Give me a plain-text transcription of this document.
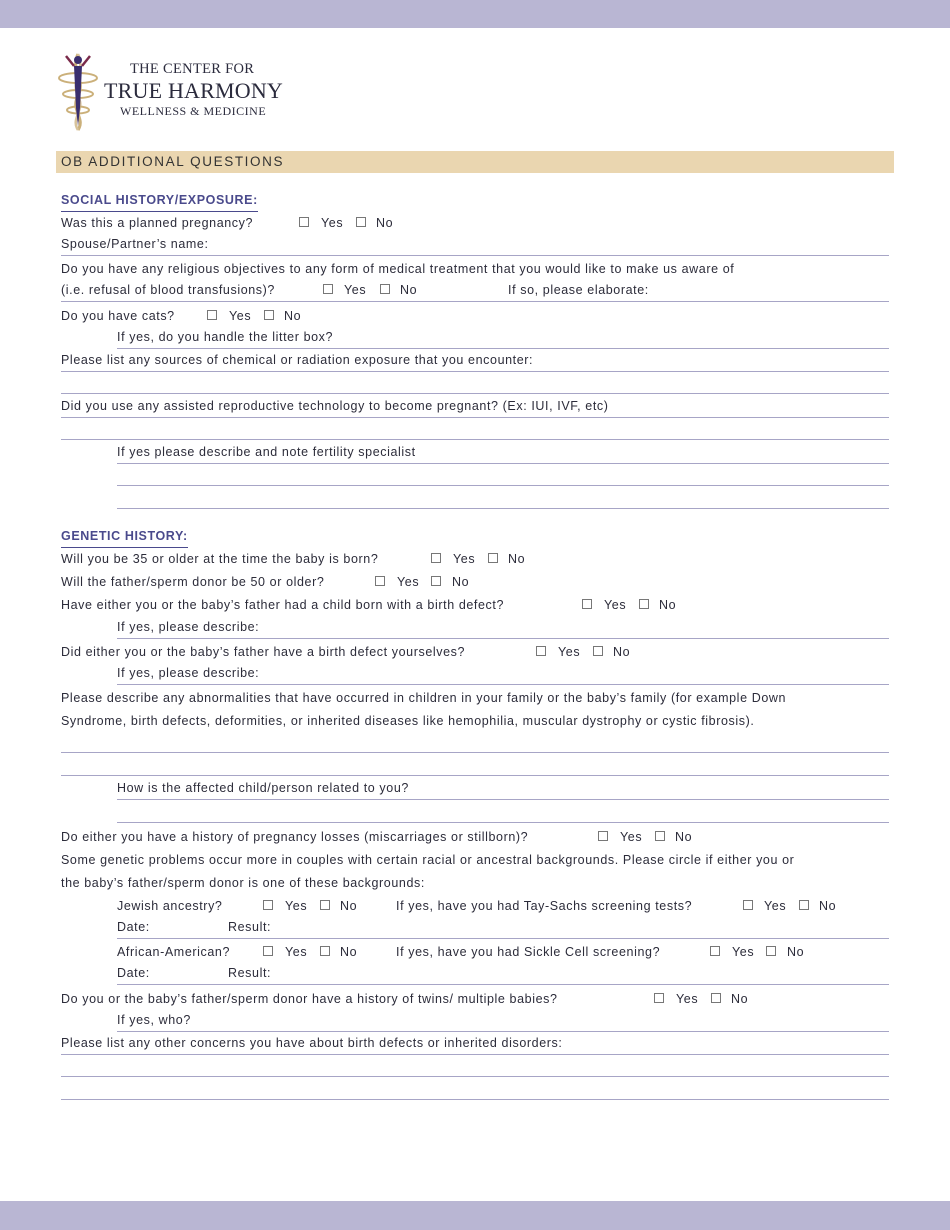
THE CENTER FOR
TRUE HARMONY
WELLNESS & MEDICINE
OB ADDITIONAL QUESTIONS
SOCIAL HISTORY/EXPOSURE:
Was this a planned pregnancy?	Yes	No
Spouse/Partner’s name:
Do you have any religious objectives to any form of medical treatment that you would like to make us aware of
(i.e. refusal of blood transfusions)?	Yes	No	If so, please elaborate:
Do you have cats?	Yes	No
If yes, do you handle the litter box?
Please list any sources of chemical or radiation exposure that you encounter:
Did you use any assisted reproductive technology to become pregnant? (Ex: IUI, IVF, etc)
If yes please describe and note fertility specialist
GENETIC HISTORY:
Will you be 35 or older at the time the baby is born?	Yes	No
Will the father/sperm donor be 50 or older?	Yes	No
Have either you or the baby’s father had a child born with a birth defect?	Yes	No
If yes, please describe:
Did either you or the baby’s father have a birth defect yourselves?	Yes	No
If yes, please describe:
Please describe any abnormalities that have occurred in children in your family or the baby’s family (for example Down
Syndrome, birth defects, deformities, or inherited diseases like hemophilia, muscular dystrophy or cystic fibrosis).
How is the affected child/person related to you?
Do either you have a history of pregnancy losses (miscarriages or stillborn)?	Yes	No
Some genetic problems occur more in couples with certain racial or ancestral backgrounds. Please circle if either you or
the baby’s father/sperm donor is one of these backgrounds:
Jewish ancestry?	Yes	No	If yes, have you had Tay-Sachs screening tests?	Yes	No
Date:	Result:
African-American?	Yes	No	If yes, have you had Sickle Cell screening?	Yes	No
Date:	Result:
Do you or the baby’s father/sperm donor have a history of twins/ multiple babies?	Yes	No
If yes, who?
Please list any other concerns you have about birth defects or inherited disorders:
